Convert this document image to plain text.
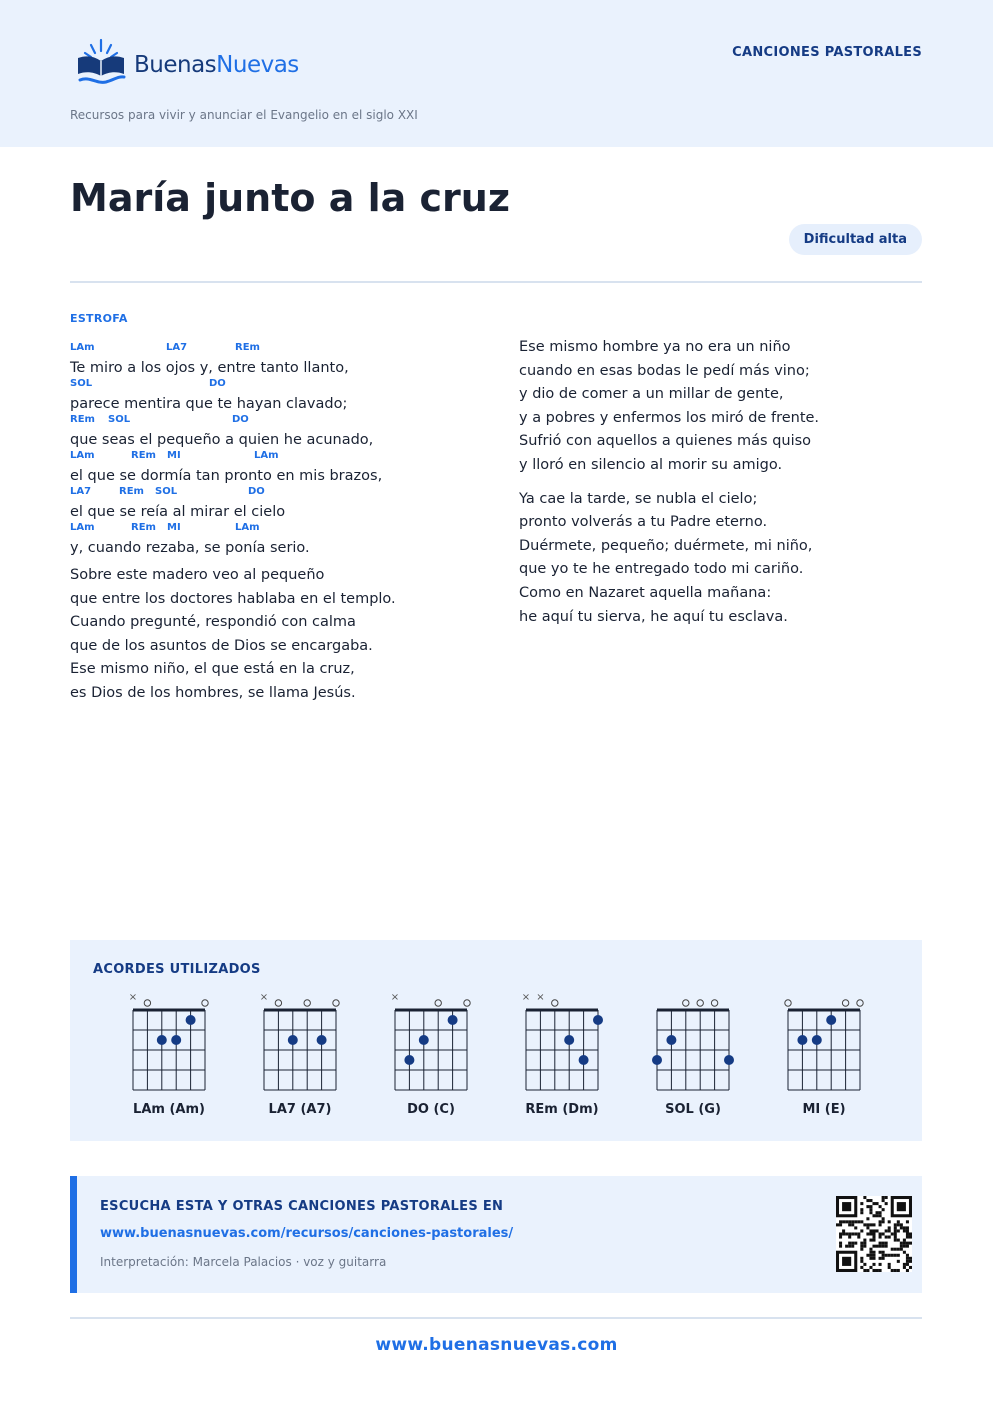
BuenasNuevas
Recursos para vivir y anunciar el Evangelio en el siglo XXI
CANCIONES PASTORALES
María junto a la cruz
Dificultad alta
ESTROFA
LAm	LA7	REm
Te miro a los ojos y, entre tanto llanto,
SOL	DO
parece mentira que te hayan clavado;
REm SOL	DO
que seas el pequeño a quien he acunado,
LAm	REm MI	LAm
el que se dormía tan pronto en mis brazos,
LA7	REm SOL	DO
el que se reía al mirar el cielo
LAm	REm MI	LAm
y, cuando rezaba, se ponía serio.
Sobre este madero veo al pequeño
que entre los doctores hablaba en el templo.
Cuando pregunté, respondió con calma
que de los asuntos de Dios se encargaba.
Ese mismo niño, el que está en la cruz,
es Dios de los hombres, se llama Jesús.
Ese mismo hombre ya no era un niño
cuando en esas bodas le pedí más vino;
y dio de comer a un millar de gente,
y a pobres y enfermos los miró de frente.
Sufrió con aquellos a quienes más quiso
y lloró en silencio al morir su amigo.
Ya cae la tarde, se nubla el cielo;
pronto volverás a tu Padre eterno.
Duérmete, pequeño; duérmete, mi niño,
que yo te he entregado todo mi cariño.
Como en Nazaret aquella mañana:
he aquí tu sierva, he aquí tu esclava.
ACORDES UTILIZADOS
×
LAm (Am)
×
LA7 (A7)
×
DO (C)
× ×
REm (Dm)	SOL (G)	MI (E)
ESCUCHA ESTA Y OTRAS CANCIONES PASTORALES EN
www.buenasnuevas.com/recursos/canciones-pastorales/
Interpretación: Marcela Palacios · voz y guitarra
www.buenasnuevas.com
